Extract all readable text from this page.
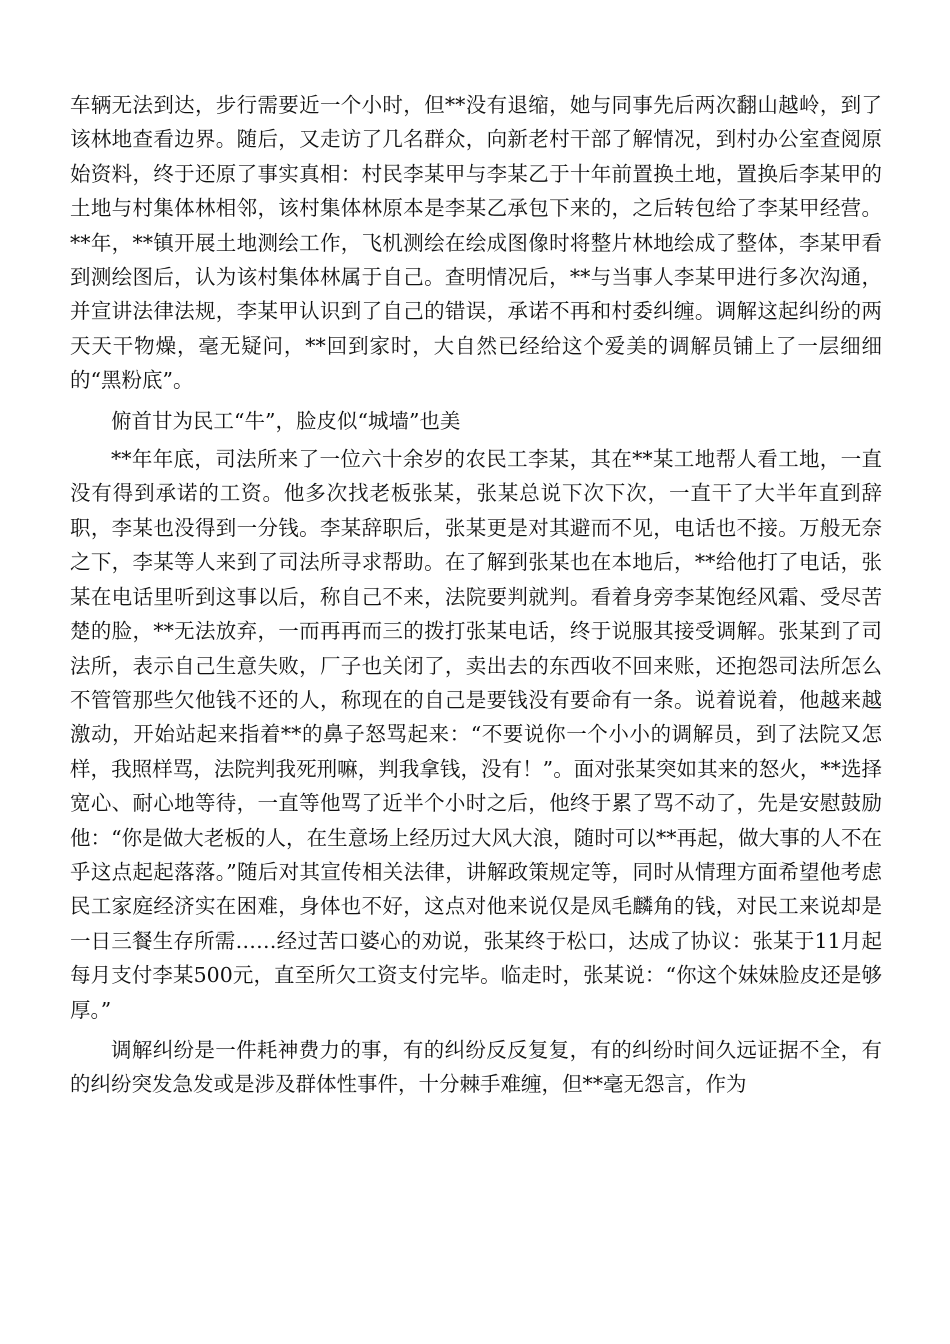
车辆无法到达，步行需要近一个小时，但**没有退缩，她与同事先后两次翻山越岭，到了该林地查看边界。随后，又走访了几名群众，向新老村干部了解情况，到村办公室查阅原始资料，终于还原了事实真相：村民李某甲与李某乙于十年前置换土地，置换后李某甲的土地与村集体林相邻，该村集体林原本是李某乙承包下来的，之后转包给了李某甲经营。**年，**镇开展土地测绘工作，飞机测绘在绘成图像时将整片林地绘成了整体，李某甲看到测绘图后，认为该村集体林属于自己。查明情况后，**与当事人李某甲进行多次沟通，并宣讲法律法规，李某甲认识到了自己的错误，承诺不再和村委纠缠。调解这起纠纷的两天天干物燥，毫无疑问，**回到家时，大自然已经给这个爱美的调解员铺上了一层细细的“黑粉底”。

俯首甘为民工“牛”，脸皮似“城墙”也美

**年年底，司法所来了一位六十余岁的农民工李某，其在**某工地帮人看工地，一直没有得到承诺的工资。他多次找老板张某，张某总说下次下次，一直干了大半年直到辞职，李某也没得到一分钱。李某辞职后，张某更是对其避而不见，电话也不接。万般无奈之下，李某等人来到了司法所寻求帮助。在了解到张某也在本地后，**给他打了电话，张某在电话里听到这事以后，称自己不来，法院要判就判。看着身旁李某饱经风霜、受尽苦楚的脸，**无法放弃，一而再再而三的拨打张某电话，终于说服其接受调解。张某到了司法所，表示自己生意失败，厂子也关闭了，卖出去的东西收不回来账，还抱怨司法所怎么不管管那些欠他钱不还的人，称现在的自己是要钱没有要命有一条。说着说着，他越来越激动，开始站起来指着**的鼻子怒骂起来：“不要说你一个小小的调解员，到了法院又怎样，我照样骂，法院判我死刑嘛，判我拿钱，没有！”。面对张某突如其来的怒火，**选择宽心、耐心地等待，一直等他骂了近半个小时之后，他终于累了骂不动了，先是安慰鼓励他：“你是做大老板的人，在生意场上经历过大风大浪，随时可以**再起，做大事的人不在乎这点起起落落。”随后对其宣传相关法律，讲解政策规定等，同时从情理方面希望他考虑民工家庭经济实在困难，身体也不好，这点对他来说仅是凤毛麟角的钱，对民工来说却是一日三餐生存所需……经过苦口婆心的劝说，张某终于松口，达成了协议：张某于11月起每月支付李某500元，直至所欠工资支付完毕。临走时，张某说：“你这个妹妹脸皮还是够厚。”

调解纠纷是一件耗神费力的事，有的纠纷反反复复，有的纠纷时间久远证据不全，有的纠纷突发急发或是涉及群体性事件，十分棘手难缠，但**毫无怨言，作为
